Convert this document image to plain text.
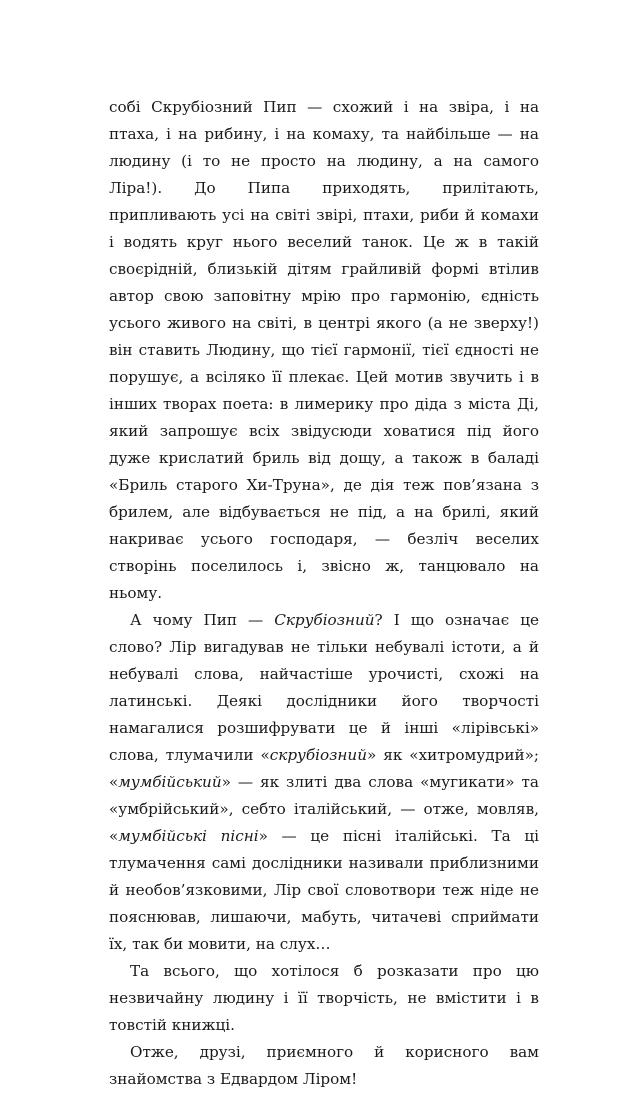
собі Скрубіозний Пип — схожий і на звіра, і на птаха, і на рибину, і на комаху, та найбільше — на людину (і то не просто на людину, а на самого Ліра!). До Пипа приходять, прилітають, припливають усі на світі звірі, птахи, риби й комахи і водять круг нього веселий танок. Це ж в такій своєрідній, близькій дітям грайливій формі втілив автор свою заповітну мрію про гармонію, єдність усього живого на світі, в центрі якого (а не зверху!) він ставить Людину, що тієї гармонії, тієї єдності не порушує, а всіляко її плекає. Цей мотив звучить і в інших творах поета: в лимерику про діда з міста Ді, який запрошує всіх звідусюди ховатися під його дуже крислатий бриль від дощу, а також в баладі «Бриль старого Хи-Труна», де дія теж пов’язана з брилем, але відбувається не під, а на брилі, який накриває усього господаря, — безліч веселих створінь поселилось і, звісно ж, танцювало на ньому.

А чому Пип — Скрубіозний? І що означає це слово? Лір вигадував не тільки небувалі істоти, а й небувалі слова, найчастіше урочисті, схожі на латинські. Деякі дослідники його творчості намагалися розшифрувати це й інші «лірівські» слова, тлумачили «скрубіозний» як «хитромудрий»; «мумбійський» — як злиті два слова «мугикати» та «умбрійський», себто італійський, — отже, мовляв, «мумбійські пісні» — це пісні італійські. Та ці тлумачення самі дослідники називали приблизними й необов’язковими, Лір свої словотвори теж ніде не пояснював, лишаючи, мабуть, читачеві сприймати їх, так би мовити, на слух…

Та всього, що хотілося б розказати про цю незвичайну людину і її творчість, не вмістити і в товстій книжці.

Отже, друзі, приємного й корисного вам знайомства з Едвардом Ліром!
